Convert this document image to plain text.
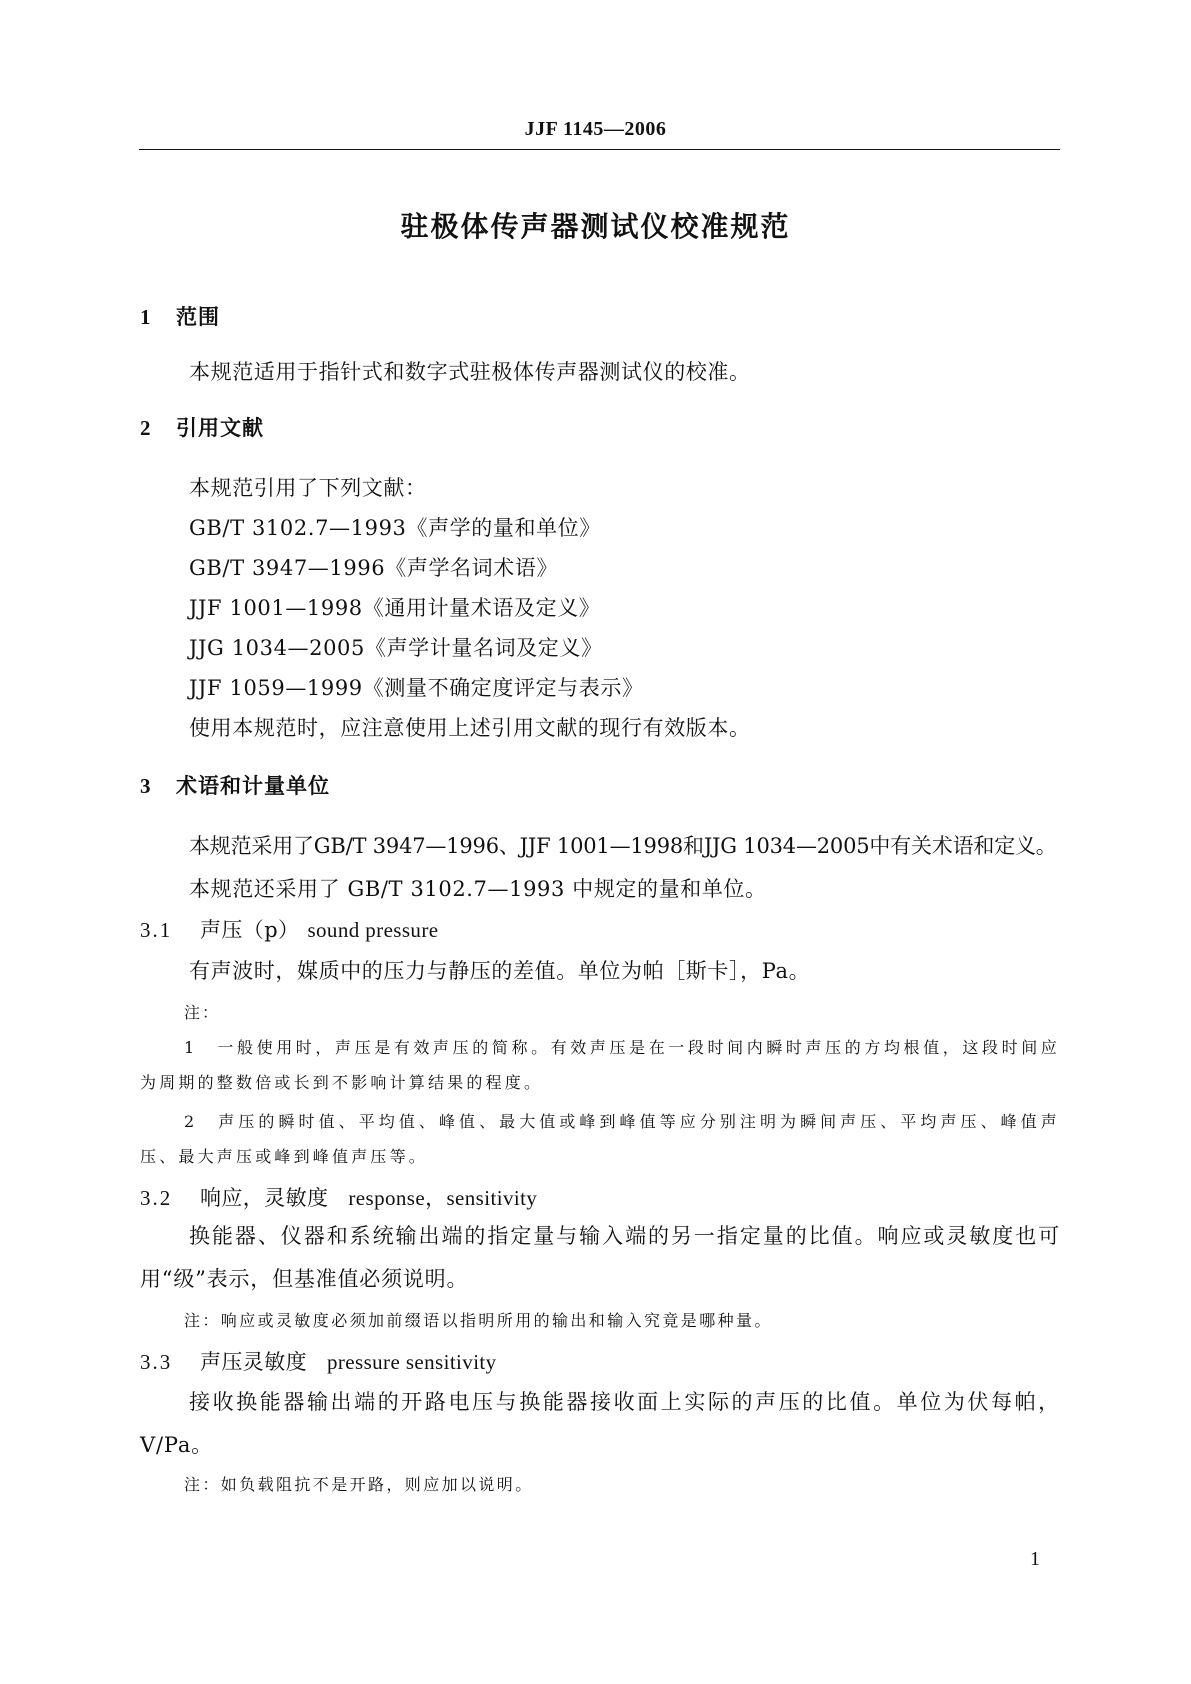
JJF 1145—2006
驻极体传声器测试仪校准规范
1 范围
本规范适用于指针式和数字式驻极体传声器测试仪的校准。
2 引用文献
本规范引用了下列文献：
GB/T 3102.7—1993《声学的量和单位》
GB/T 3947—1996《声学名词术语》
JJF 1001—1998《通用计量术语及定义》
JJG 1034—2005《声学计量名词及定义》
JJF 1059—1999《测量不确定度评定与表示》
使用本规范时，应注意使用上述引用文献的现行有效版本。
3 术语和计量单位
本规范采用了GB/T 3947—1996、JJF 1001—1998和JJG 1034—2005中有关术语和定义。
本规范还采用了 GB/T 3102.7—1993 中规定的量和单位。
3.1 声压（p） sound pressure
有声波时，媒质中的压力与静压的差值。单位为帕［斯卡］，Pa。
注：
1　一般使用时，声压是有效声压的简称。有效声压是在一段时间内瞬时声压的方均根值，这段时间应为周期的整数倍或长到不影响计算结果的程度。
2　声压的瞬时值、平均值、峰值、最大值或峰到峰值等应分别注明为瞬间声压、平均声压、峰值声压、最大声压或峰到峰值声压等。
3.2 响应，灵敏度 response，sensitivity
换能器、仪器和系统输出端的指定量与输入端的另一指定量的比值。响应或灵敏度也可用“级”表示，但基准值必须说明。
注：响应或灵敏度必须加前缀语以指明所用的输出和输入究竟是哪种量。
3.3 声压灵敏度 pressure sensitivity
接收换能器输出端的开路电压与换能器接收面上实际的声压的比值。单位为伏每帕，V/Pa。
注：如负载阻抗不是开路，则应加以说明。
1
